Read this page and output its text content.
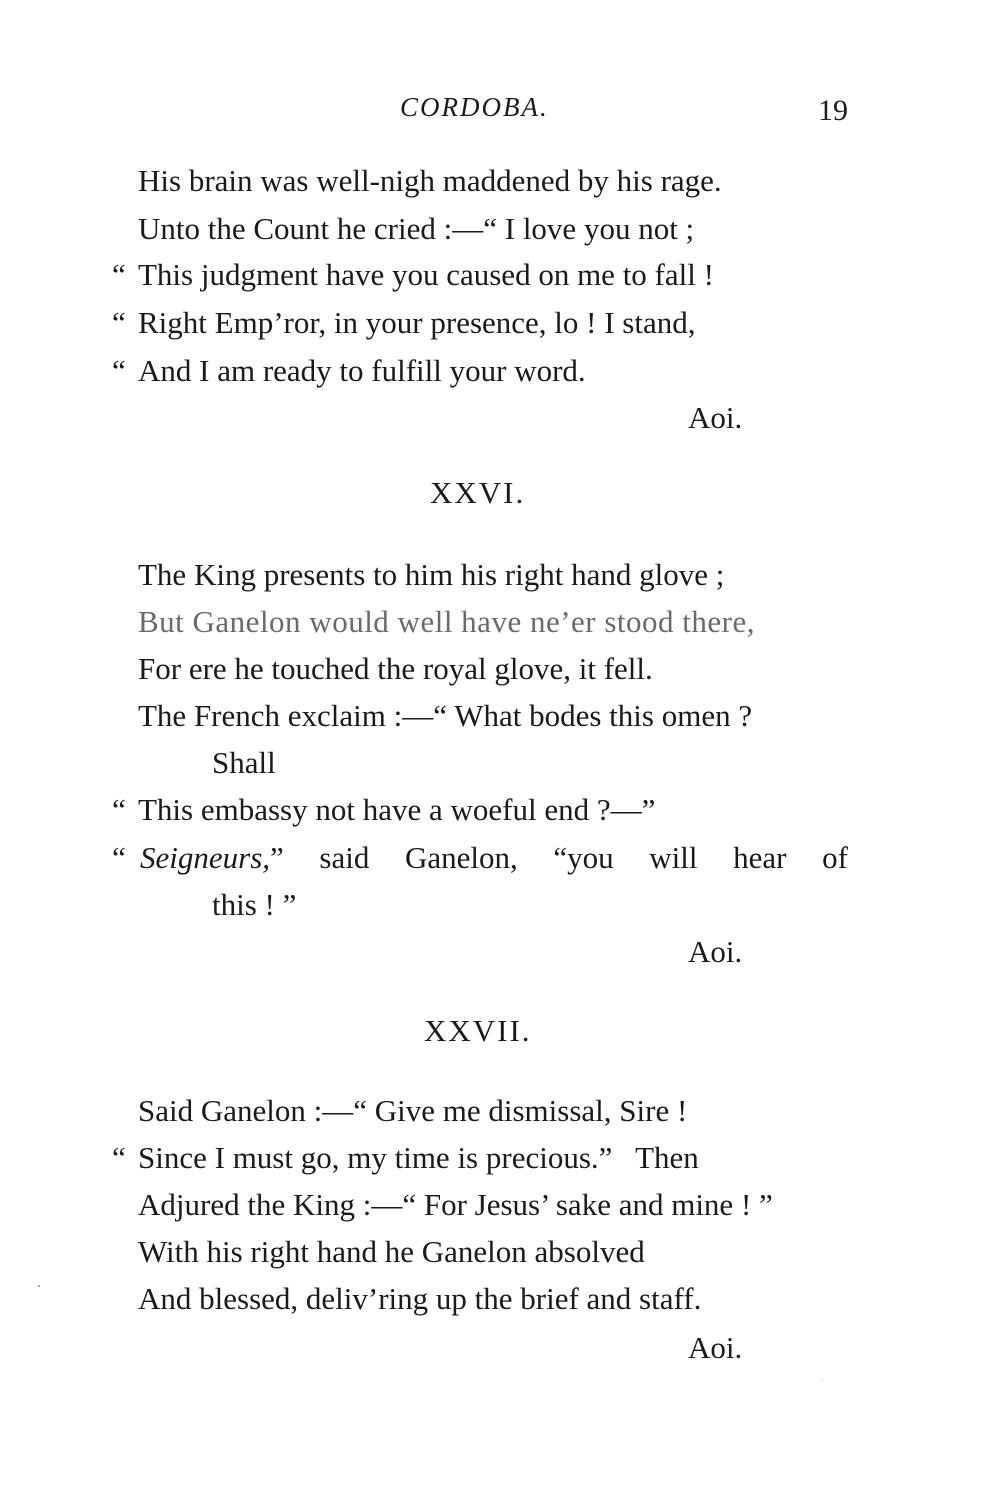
CORDOBA.	19
His brain was well-nigh maddened by his rage.
Unto the Count he cried :—“ I love you not ;
“ This judgment have you caused on me to fall !
“ Right Emp’ror, in your presence, lo ! I stand,
“ And I am ready to fulfill your word.
Aoi.
XXVI.
The King presents to him his right hand glove ;
But Ganelon would well have ne’er stood there,
For ere he touched the royal glove, it fell.
The French exclaim :—“ What bodes this omen ?
Shall
“ This embassy not have a woeful end ?—”
“ Seigneurs,” said Ganelon, “you will hear of
this ! ”
Aoi.
XXVII.
Said Ganelon :—“ Give me dismissal, Sire !
“ Since I must go, my time is precious.”   Then
Adjured the King :—“ For Jesus’ sake and mine ! ”
With his right hand he Ganelon absolved
And blessed, deliv’ring up the brief and staff.
Aoi.
